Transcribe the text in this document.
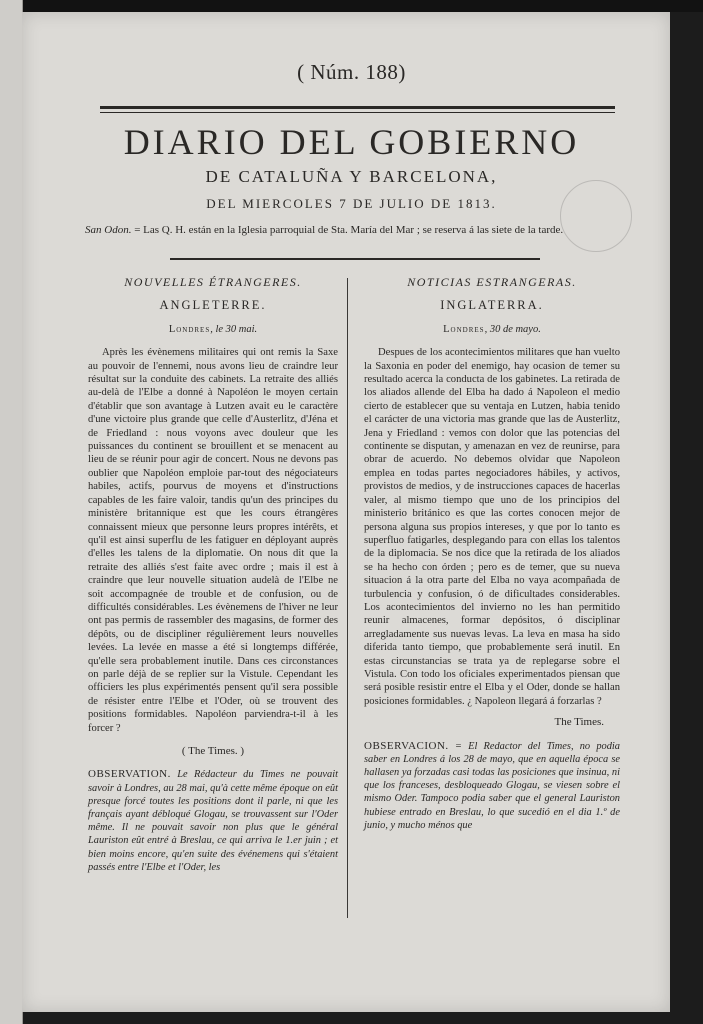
( Núm. 188)
DIARIO DEL GOBIERNO
DE CATALUÑA Y BARCELONA,
DEL MIERCOLES 7 DE JULIO DE 1813.
San Odon. = Las Q. H. están en la Iglesia parroquial de Sta. María del Mar ; se reserva á las siete de la tarde.
NOUVELLES ÉTRANGERES.
ANGLETERRE.
Londres, le 30 mai.

Après les évènemens militaires qui ont remis la Saxe au pouvoir de l'ennemi, nous avons lieu de craindre leur résultat sur la conduite des cabinets. La retraite des alliés au-delà de l'Elbe a donné à Napoléon le moyen certain d'établir que son avantage à Lutzen avait eu le caractère d'une victoire plus grande que celle d'Austerlitz, d'Jéna et de Friedland : nous voyons avec douleur que les puissances du continent se brouillent et se menacent au lieu de se réunir pour agir de concert. Nous ne devons pas oublier que Napoléon emploie par-tout des négociateurs habiles, actifs, pourvus de moyens et d'instructions capables de les faire valoir, tandis qu'un des principes du ministère britannique est que les cours étrangères connaissent mieux que personne leurs propres intérêts, et qu'il est ainsi superflu de les fatiguer en déployant auprès d'elles les talens de la diplomatie. On nous dit que la retraite des alliés s'est faite avec ordre ; mais il est à craindre que leur nouvelle situation audelà de l'Elbe ne soit accompagnée de trouble et de confusion, ou de difficultés considérables. Les évènemens de l'hiver ne leur ont pas permis de rassembler des magasins, de former des dépôts, ou de discipliner régulièrement leurs nouvelles levées. La levée en masse a été si longtemps différée, qu'elle sera probablement inutile. Dans ces circonstances on parle déjà de se replier sur la Vistule. Cependant les officiers les plus expérimentés pensent qu'il sera possible de résister entre l'Elbe et l'Oder, où se trouvent des positions formidables. Napoléon parviendra-t-il à les forcer ?

( The Times. )

OBSERVATION. Le Rédacteur du Times ne pouvait savoir à Londres, au 28 mai, qu'à cette même époque on eût presque forcé toutes les positions dont il parle, ni que les français ayant débloqué Glogau, se trouvassent sur l'Oder même. Il ne pouvait savoir non plus que le général Lauriston eût entré à Breslau, ce qui arriva le 1.er juin ; et bien moins encore, qu'en suite des événemens qui s'étaient passés entre l'Elbe et l'Oder, les

NOTICIAS ESTRANGERAS.
INGLATERRA.
Londres, 30 de mayo.

Despues de los acontecimientos militares que han vuelto la Saxonia en poder del enemigo, hay ocasion de temer su resultado acerca la conducta de los gabinetes. La retirada de los aliados allende del Elba ha dado á Napoleon el medio cierto de establecer que su ventaja en Lutzen, habia tenido el carácter de una victoria mas grande que las de Austerlitz, Jena y Friedland : vemos con dolor que las potencias del continente se disputan, y amenazan en vez de reunirse, para obrar de acuerdo. No debemos olvidar que Napoleon emplea en todas partes negociadores hábiles, y activos, provistos de medios, y de instrucciones capaces de hacerlas valer, al mismo tiempo que uno de los principios del ministerio británico es que las cortes conocen mejor de persona alguna sus propios intereses, y que por lo tanto es superfluo fatigarles, desplegando para con ellas los talentos de la diplomacia. Se nos dice que la retirada de los aliados se ha hecho con órden ; pero es de temer, que su nueva situacion á la otra parte del Elba no vaya acompañada de turbulencia y confusion, ó de dificultades considerables. Los acontecimientos del invierno no les han permitido reunir almacenes, formar depósitos, ó disciplinar arregladamente sus nuevas levas. La leva en masa ha sido diferida tanto tiempo, que probablemente será inutil. En estas circunstancias se trata ya de replegarse sobre el Vistula. Con todo los oficiales experimentados piensan que será posible resistir entre el Elba y el Oder, donde se hallan posiciones formidables. ¿ Napoleon llegará á forzarlas ?

The Times.

OBSERVACION. = El Redactor del Times, no podia saber en Londres á los 28 de mayo, que en aquella época se hallasen ya forzadas casi todas las posiciones que insinua, ni que los franceses, desbloqueado Glogau, se viesen sobre el mismo Oder. Tampoco podia saber que el general Lauriston hubiese entrado en Breslau, lo que sucedió en el dia 1.º de junio, y mucho ménos que
